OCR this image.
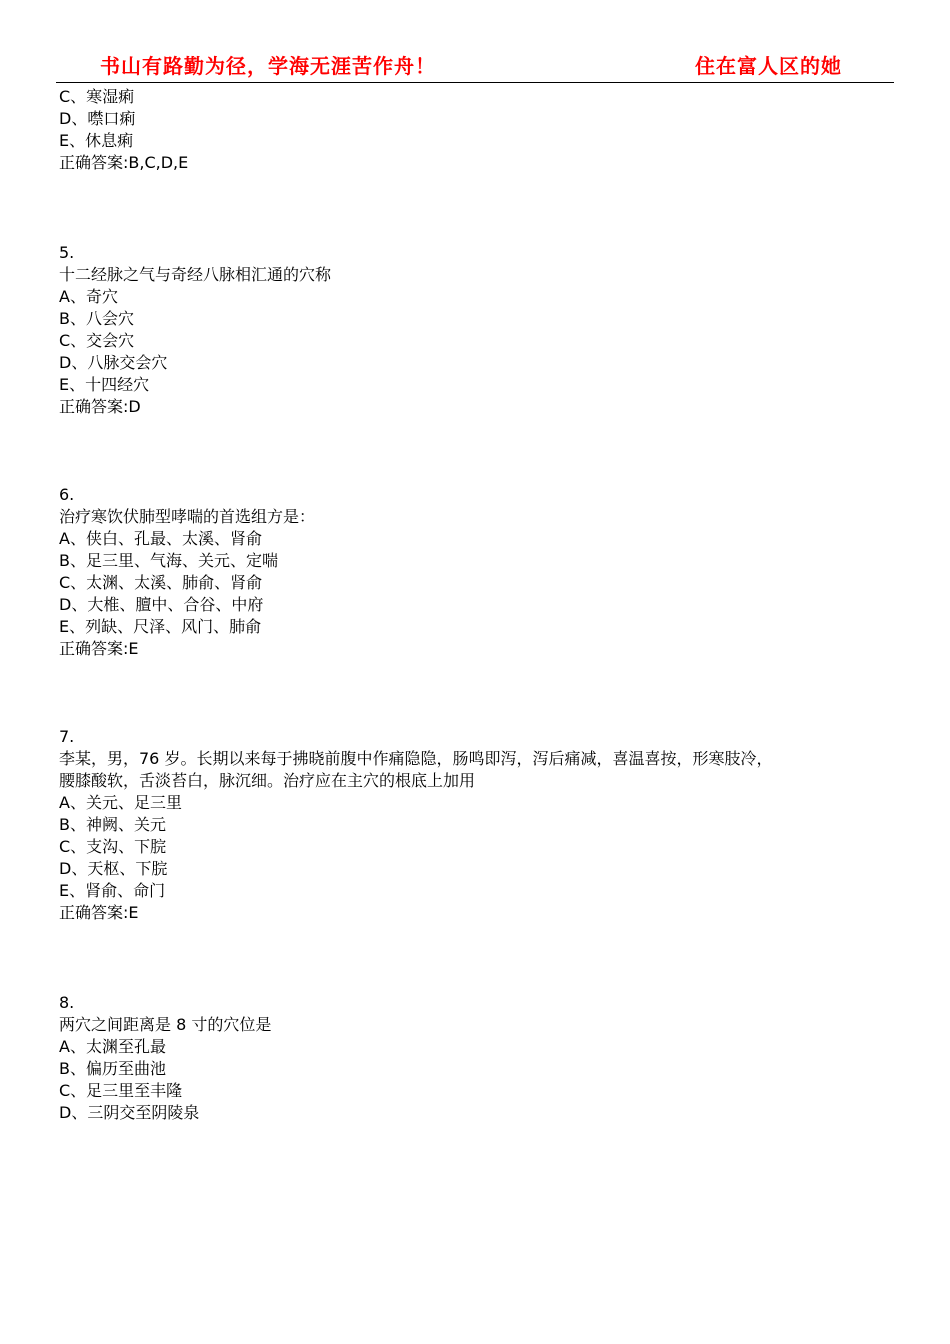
书山有路勤为径，学海无涯苦作舟！	住在富人区的她
C、寒湿痢
D、噤口痢
E、休息痢
正确答案:B,C,D,E
5.
十二经脉之气与奇经八脉相汇通的穴称
A、奇穴
B、八会穴
C、交会穴
D、八脉交会穴
E、十四经穴
正确答案:D
6.
治疗寒饮伏肺型哮喘的首选组方是：
A、侠白、孔最、太溪、肾俞
B、足三里、气海、关元、定喘
C、太渊、太溪、肺俞、肾俞
D、大椎、膻中、合谷、中府
E、列缺、尺泽、风门、肺俞
正确答案:E
7.
李某，男，76 岁。长期以来每于拂晓前腹中作痛隐隐，肠鸣即泻，泻后痛减，喜温喜按，形寒肢冷，
腰膝酸软，舌淡苔白，脉沉细。治疗应在主穴的根底上加用
A、关元、足三里
B、神阙、关元
C、支沟、下脘
D、天枢、下脘
E、肾俞、命门
正确答案:E
8.
两穴之间距离是 8 寸的穴位是
A、太渊至孔最
B、偏历至曲池
C、足三里至丰隆
D、三阴交至阴陵泉
